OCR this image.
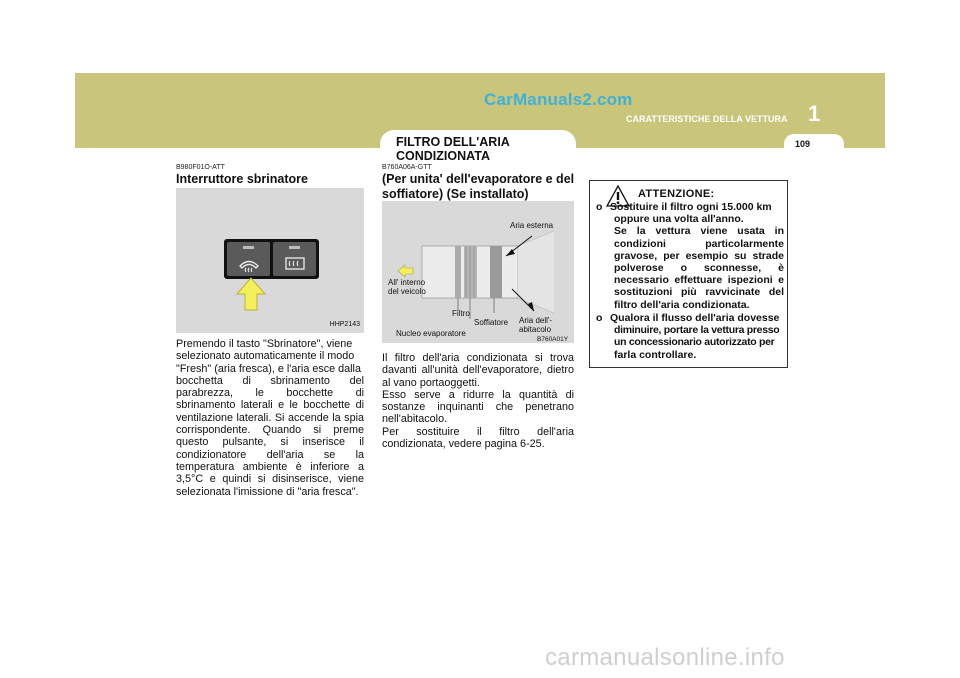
CarManuals2.com
1
CARATTERISTICHE DELLA VETTURA
109
FILTRO DELL'ARIA
CONDIZIONATA
B980F01O-ATT
Interruttore sbrinatore
HHP2143
Premendo il tasto "Sbrinatore", viene
selezionato automaticamente il modo
"Fresh" (aria fresca), e l'aria esce dalla
bocchetta di sbrinamento del
parabrezza, le bocchette di
sbrinamento laterali e le bocchette di
ventilazione laterali. Si accende la spia
corrispondente. Quando si preme
questo pulsante, si inserisce il
condizionatore dell'aria se la
temperatura ambiente è inferiore a
3,5°C e quindi si disinserisce, viene
selezionata l'imissione di "aria fresca".
B760A06A-GTT
(Per unita' dell'evaporatore e del
soffiatore) (Se installato)
Aria esterna
All' interno
del veicolo
Filtro
Soffiatore Aria dell'-
abitacolo
Nucleo evaporatore
B760A01Y
Il filtro dell'aria condizionata si trova
davanti all'unità dell'evaporatore, dietro
al vano portaoggetti.
Esso serve a ridurre la quantità di
sostanze inquinanti che penetrano
nell'abitacolo.
Per sostituire il filtro dell'aria
condizionata, vedere pagina 6-25.
ATTENZIONE:
o Sostituire il filtro ogni 15.000 km
oppure una volta all'anno.
Se la vettura viene usata in
condizioni particolarmente
gravose, per esempio su strade
polverose o sconnesse, è
necessario effettuare ispezioni e
sostituzioni più ravvicinate del
filtro dell'aria condizionata.
o Qualora il flusso dell'aria dovesse
diminuire, portare la vettura presso
un concessionario autorizzato per
farla controllare.
carmanualsonline.info
